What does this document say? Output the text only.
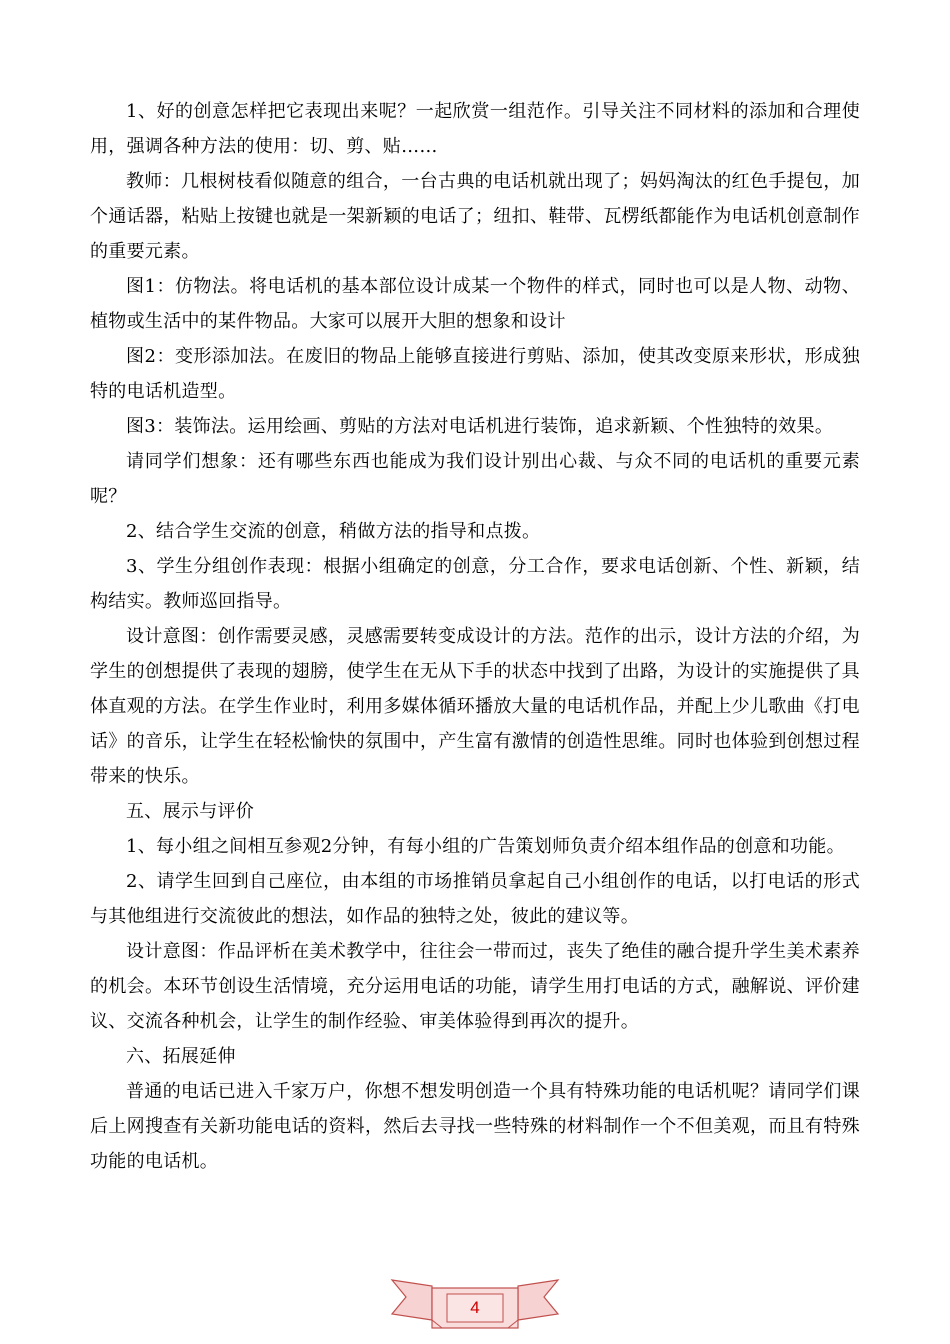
1、好的创意怎样把它表现出来呢？一起欣赏一组范作。引导关注不同材料的添加和合理使用，强调各种方法的使用：切、剪、贴……

教师：几根树枝看似随意的组合，一台古典的电话机就出现了；妈妈淘汰的红色手提包，加个通话器，粘贴上按键也就是一架新颖的电话了；纽扣、鞋带、瓦楞纸都能作为电话机创意制作的重要元素。

图1：仿物法。将电话机的基本部位设计成某一个物件的样式，同时也可以是人物、动物、植物或生活中的某件物品。大家可以展开大胆的想象和设计

图2：变形添加法。在废旧的物品上能够直接进行剪贴、添加，使其改变原来形状，形成独特的电话机造型。

图3：装饰法。运用绘画、剪贴的方法对电话机进行装饰，追求新颖、个性独特的效果。

请同学们想象：还有哪些东西也能成为我们设计别出心裁、与众不同的电话机的重要元素呢？

2、结合学生交流的创意，稍做方法的指导和点拨。

3、学生分组创作表现：根据小组确定的创意，分工合作，要求电话创新、个性、新颖，结构结实。教师巡回指导。

设计意图：创作需要灵感，灵感需要转变成设计的方法。范作的出示，设计方法的介绍，为学生的创想提供了表现的翅膀，使学生在无从下手的状态中找到了出路，为设计的实施提供了具体直观的方法。在学生作业时，利用多媒体循环播放大量的电话机作品，并配上少儿歌曲《打电话》的音乐，让学生在轻松愉快的氛围中，产生富有激情的创造性思维。同时也体验到创想过程带来的快乐。

五、展示与评价

1、每小组之间相互参观2分钟，有每小组的广告策划师负责介绍本组作品的创意和功能。

2、请学生回到自己座位，由本组的市场推销员拿起自己小组创作的电话，以打电话的形式与其他组进行交流彼此的想法，如作品的独特之处，彼此的建议等。

设计意图：作品评析在美术教学中，往往会一带而过，丧失了绝佳的融合提升学生美术素养的机会。本环节创设生活情境，充分运用电话的功能，请学生用打电话的方式，融解说、评价建议、交流各种机会，让学生的制作经验、审美体验得到再次的提升。

六、拓展延伸

普通的电话已进入千家万户，你想不想发明创造一个具有特殊功能的电话机呢？请同学们课后上网搜查有关新功能电话的资料，然后去寻找一些特殊的材料制作一个不但美观，而且有特殊功能的电话机。

4
